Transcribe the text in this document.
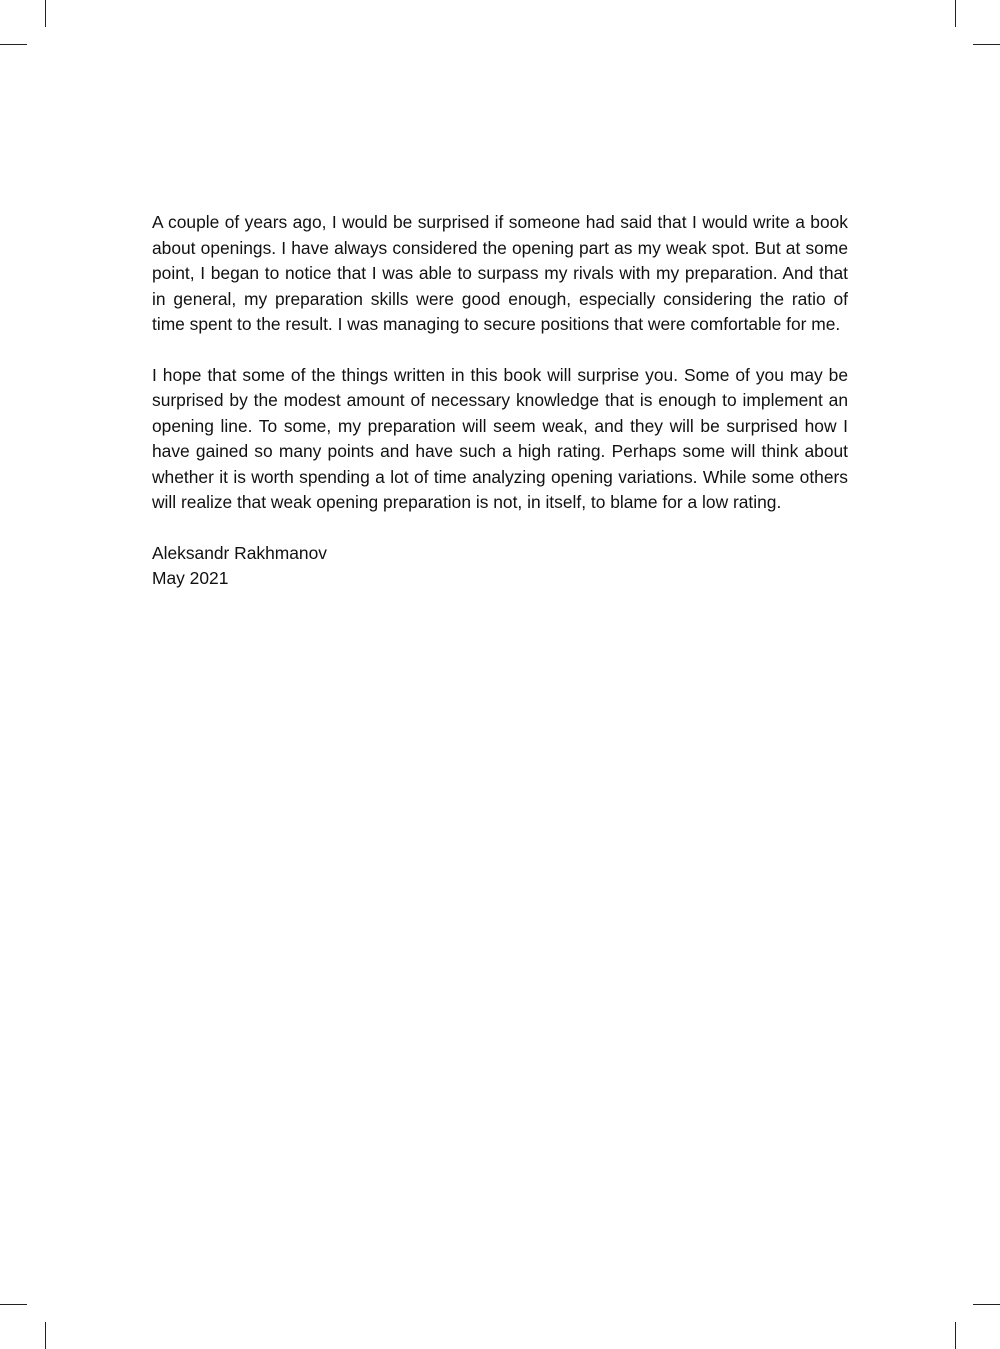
A couple of years ago, I would be surprised if someone had said that I would write a book about openings. I have always considered the opening part as my weak spot. But at some point, I began to notice that I was able to surpass my rivals with my preparation. And that in general, my preparation skills were good enough, especially considering the ratio of time spent to the result. I was managing to secure positions that were comfortable for me.

I hope that some of the things written in this book will surprise you. Some of you may be surprised by the modest amount of necessary knowledge that is enough to implement an opening line. To some, my preparation will seem weak, and they will be surprised how I have gained so many points and have such a high rating. Perhaps some will think about whether it is worth spending a lot of time analyzing opening variations. While some others will realize that weak opening preparation is not, in itself, to blame for a low rating.

Aleksandr Rakhmanov
May 2021
